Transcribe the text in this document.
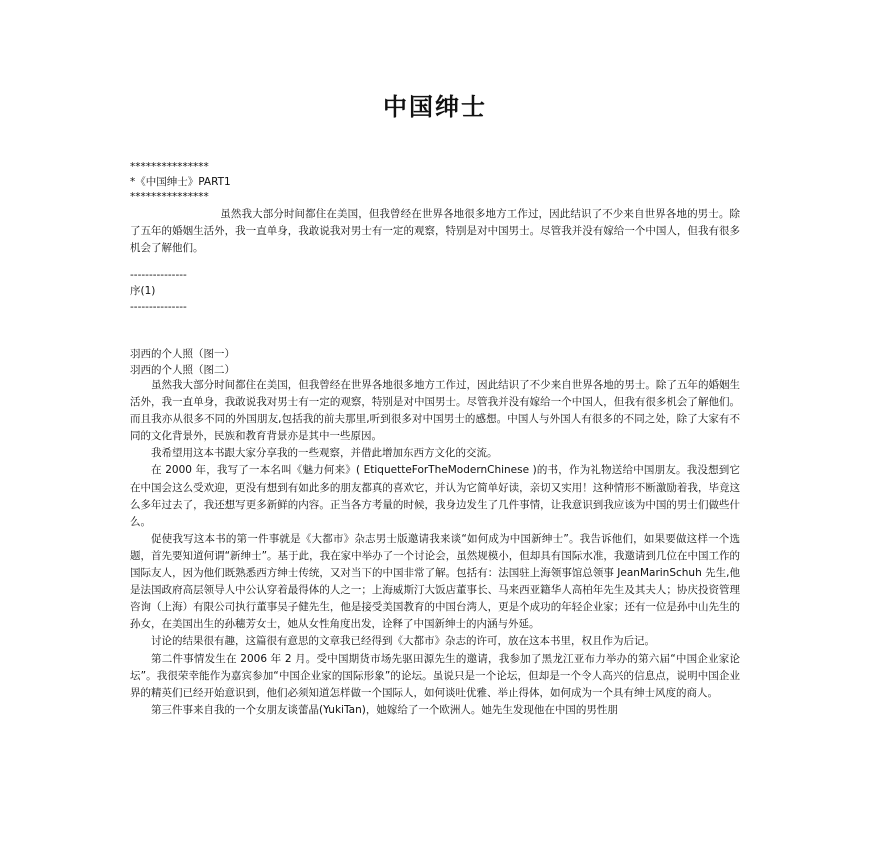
中国绅士
***************
*《中国绅士》PART1
***************

虽然我大部分时间都住在美国，但我曾经在世界各地很多地方工作过，因此结识了不少来自世界各地的男士。除了五年的婚姻生活外，我一直单身，我敢说我对男士有一定的观察，特别是对中国男士。尽管我并没有嫁给一个中国人，但我有很多机会了解他们。

---------------
序(1)
---------------
羽西的个人照（图一）
羽西的个人照（图二）

虽然我大部分时间都住在美国，但我曾经在世界各地很多地方工作过，因此结识了不少来自世界各地的男士。除了五年的婚姻生活外，我一直单身，我敢说我对男士有一定的观察，特别是对中国男士。尽管我并没有嫁给一个中国人，但我有很多机会了解他们。而且我亦从很多不同的外国朋友,包括我的前夫那里,听到很多对中国男士的感想。中国人与外国人有很多的不同之处，除了大家有不同的文化背景外，民族和教育背景亦是其中一些原因。

我希望用这本书跟大家分享我的一些观察，并借此增加东西方文化的交流。

在 2000 年，我写了一本名叫《魅力何来》( EtiquetteForTheModernChinese )的书，作为礼物送给中国朋友。我没想到它在中国会这么受欢迎，更没有想到有如此多的朋友都真的喜欢它，并认为它简单好读，亲切又实用！这种情形不断激励着我，毕竟这么多年过去了，我还想写更多新鲜的内容。正当各方考量的时候，我身边发生了几件事情，让我意识到我应该为中国的男士们做些什么。

促使我写这本书的第一件事就是《大都市》杂志男士版邀请我来谈“如何成为中国新绅士”。我告诉他们，如果要做这样一个选题，首先要知道何谓“新绅士”。基于此，我在家中举办了一个讨论会，虽然规模小，但却具有国际水准，我邀请到几位在中国工作的国际友人，因为他们既熟悉西方绅士传统，又对当下的中国非常了解。包括有：法国驻上海领事馆总领事 JeanMarinSchuh 先生,他是法国政府高层领导人中公认穿着最得体的人之一；上海威斯汀大饭店董事长、马来西亚籍华人高柏年先生及其夫人；协庆投资管理咨询（上海）有限公司执行董事吴子健先生，他是接受美国教育的中国台湾人，更是个成功的年轻企业家；还有一位是孙中山先生的孙女，在美国出生的孙穗芳女士，她从女性角度出发，诠释了中国新绅士的内涵与外延。

讨论的结果很有趣，这篇很有意思的文章我已经得到《大都市》杂志的许可，放在这本书里，权且作为后记。

第二件事情发生在 2006 年 2 月。受中国期货市场先驱田源先生的邀请，我参加了黑龙江亚布力举办的第六届“中国企业家论坛”。我很荣幸能作为嘉宾参加“中国企业家的国际形象”的论坛。虽说只是一个论坛，但却是一个令人高兴的信息点，说明中国企业界的精英们已经开始意识到，他们必须知道怎样做一个国际人，如何谈吐优雅、举止得体，如何成为一个具有绅士风度的商人。

第三件事来自我的一个女朋友谈蕾晶(YukiTan)，她嫁给了一个欧洲人。她先生发现他在中国的男性朋
